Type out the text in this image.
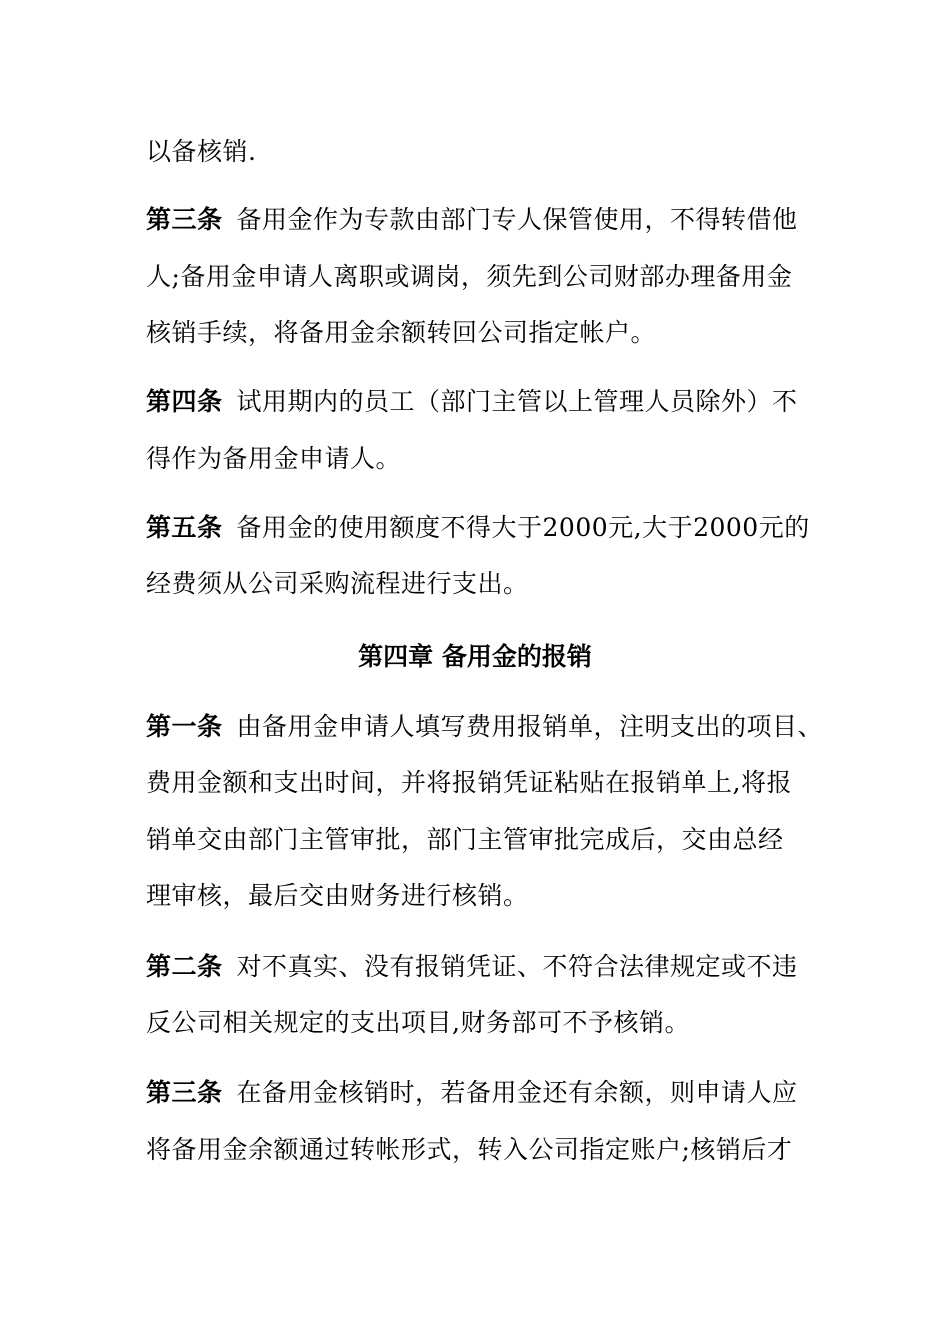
以备核销.
第三条 备用金作为专款由部门专人保管使用，不得转借他
人;备用金申请人离职或调岗，须先到公司财部办理备用金
核销手续，将备用金余额转回公司指定帐户。
第四条 试用期内的员工（部门主管以上管理人员除外）不
得作为备用金申请人。
第五条 备用金的使用额度不得大于2000元,大于2000元的
经费须从公司采购流程进行支出。
第四章 备用金的报销
第一条 由备用金申请人填写费用报销单，注明支出的项目、
费用金额和支出时间，并将报销凭证粘贴在报销单上,将报
销单交由部门主管审批，部门主管审批完成后，交由总经
理审核，最后交由财务进行核销。
第二条 对不真实、没有报销凭证、不符合法律规定或不违
反公司相关规定的支出项目,财务部可不予核销。
第三条 在备用金核销时，若备用金还有余额，则申请人应
将备用金余额通过转帐形式，转入公司指定账户;核销后才
